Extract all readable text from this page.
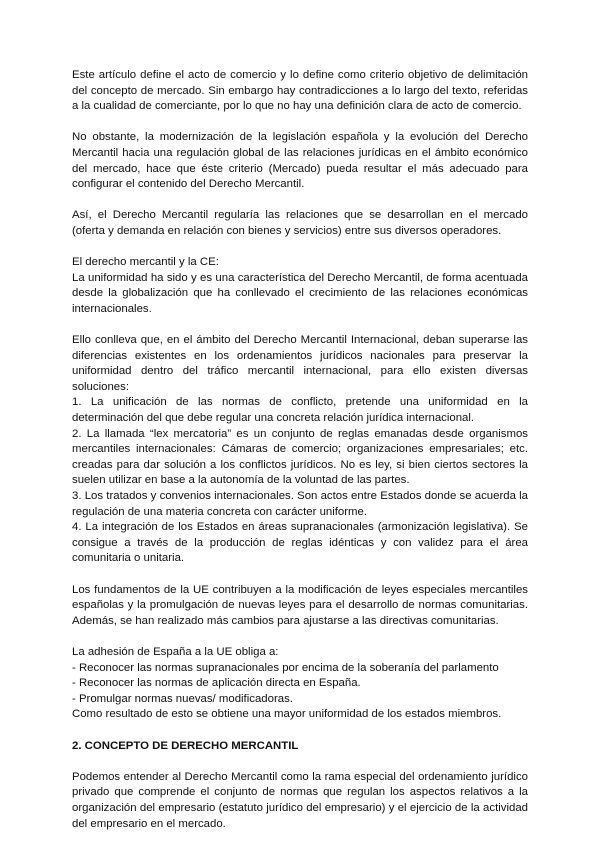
Este artículo define el acto de comercio y lo define como criterio objetivo de delimitación del concepto de mercado. Sin embargo hay contradicciones a lo largo del texto, referidas a la cualidad de comerciante, por lo que no hay una definición clara de acto de comercio.

No obstante, la modernización de la legislación española y la evolución del Derecho Mercantil hacia una regulación global de las relaciones jurídicas en el ámbito económico del mercado, hace que éste criterio (Mercado) pueda resultar el más adecuado para configurar el contenido del Derecho Mercantil.

Así, el Derecho Mercantil regularía las relaciones que se desarrollan en el mercado (oferta y demanda en relación con bienes y servicios) entre sus diversos operadores.

El derecho mercantil y la CE:
La uniformidad ha sido y es una característica del Derecho Mercantil, de forma acentuada desde la globalización que ha conllevado el crecimiento de las relaciones económicas internacionales.
Ello conlleva que, en el ámbito del Derecho Mercantil Internacional, deban superarse las diferencias existentes en los ordenamientos jurídicos nacionales para preservar la uniformidad dentro del tráfico mercantil internacional, para ello existen diversas soluciones:
1. La unificación de las normas de conflicto, pretende una uniformidad en la determinación del que debe regular una concreta relación jurídica internacional.
2. La llamada “lex mercatoria” es un conjunto de reglas emanadas desde organismos mercantiles internacionales: Cámaras de comercio; organizaciones empresariales; etc. creadas para dar solución a los conflictos jurídicos. No es ley, si bien ciertos sectores la suelen utilizar en base a la autonomía de la voluntad de las partes.
3. Los tratados y convenios internacionales. Son actos entre Estados donde se acuerda la regulación de una materia concreta con carácter uniforme.
4. La integración de los Estados en áreas supranacionales (armonización legislativa). Se consigue a través de la producción de reglas idénticas y con validez para el área comunitaria o unitaria.

Los fundamentos de la UE contribuyen a la modificación de leyes especiales mercantiles españolas y la promulgación de nuevas leyes para el desarrollo de normas comunitarias. Además, se han realizado más cambios para ajustarse a las directivas comunitarias.

La adhesión de España a la UE obliga a:
- Reconocer las normas supranacionales por encima de la soberanía del parlamento
- Reconocer las normas de aplicación directa en España.
- Promulgar normas nuevas/ modificadoras.
Como resultado de esto se obtiene una mayor uniformidad de los estados miembros.
2. CONCEPTO DE DERECHO MERCANTIL

Podemos entender al Derecho Mercantil como la rama especial del ordenamiento jurídico privado que comprende el conjunto de normas que regulan los aspectos relativos a la organización del empresario (estatuto jurídico del empresario) y el ejercicio de la actividad del empresario en el mercado.
